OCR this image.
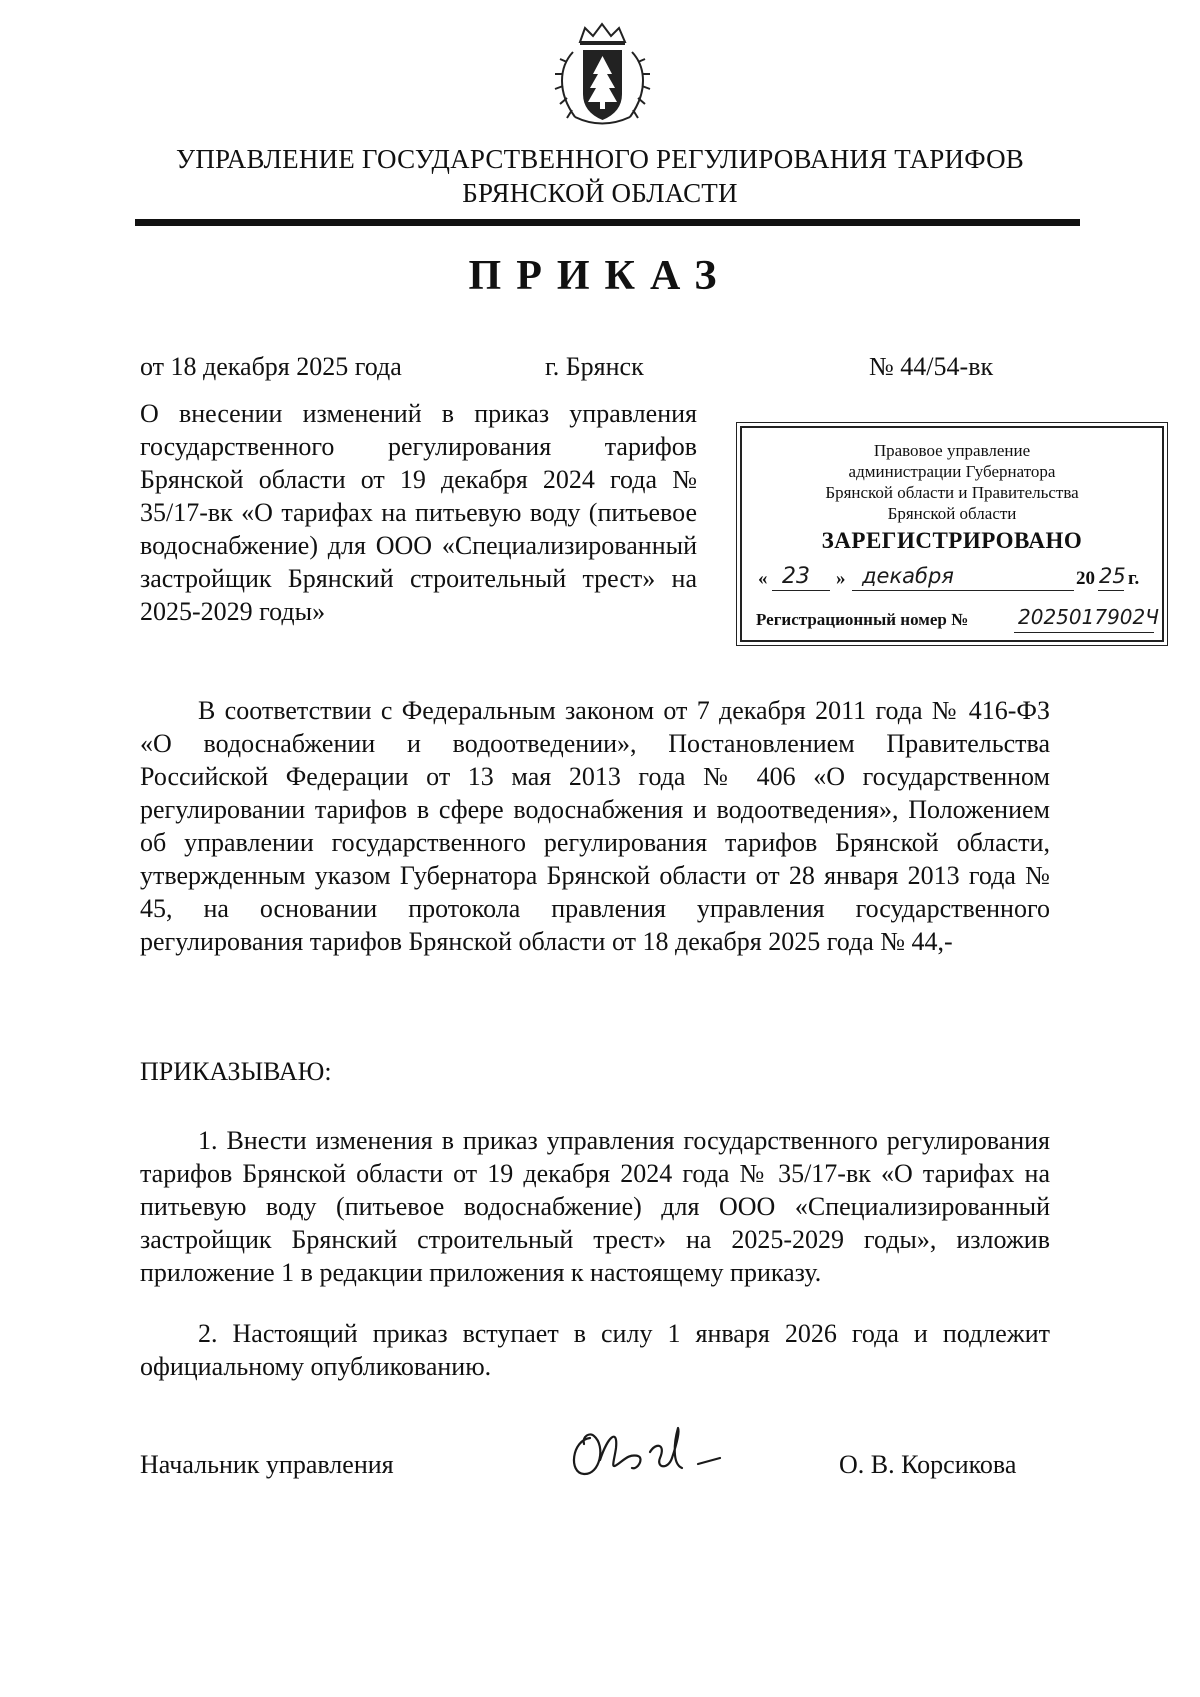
УПРАВЛЕНИЕ ГОСУДАРСТВЕННОГО РЕГУЛИРОВАНИЯ ТАРИФОВ
БРЯНСКОЙ ОБЛАСТИ
ПРИКАЗ
от 18 декабря 2025 года	г. Брянск	№ 44/54-вк
О внесении изменений в приказ управления государственного регулирования тарифов Брянской области от 19 декабря 2024 года № 35/17-вк «О тарифах на питьевую воду (питьевое водоснабжение) для ООО «Специализированный застройщик Брянский строительный трест» на 2025-2029 годы»
Правовое управление
администрации Губернатора
Брянской области и Правительства
Брянской области
ЗАРЕГИСТРИРОВАНО
« 23 » декабря	20 25 г.
Регистрационный номер № 2025017902Ч
В соответствии с Федеральным законом от 7 декабря 2011 года № 416-ФЗ «О водоснабжении и водоотведении», Постановлением Правительства Российской Федерации от 13 мая 2013 года № 406 «О государственном регулировании тарифов в сфере водоснабжения и водоотведения», Положением об управлении государственного регулирования тарифов Брянской области, утвержденным указом Губернатора Брянской области от 28 января 2013 года № 45, на основании протокола правления управления государственного регулирования тарифов Брянской области от 18 декабря 2025 года № 44,-
ПРИКАЗЫВАЮ:
1. Внести изменения в приказ управления государственного регулирования тарифов Брянской области от 19 декабря 2024 года № 35/17-вк «О тарифах на питьевую воду (питьевое водоснабжение) для ООО «Специализированный застройщик Брянский строительный трест» на 2025-2029 годы», изложив приложение 1 в редакции приложения к настоящему приказу.
2. Настоящий приказ вступает в силу 1 января 2026 года и подлежит официальному опубликованию.
Начальник управления	О. В. Корсикова
